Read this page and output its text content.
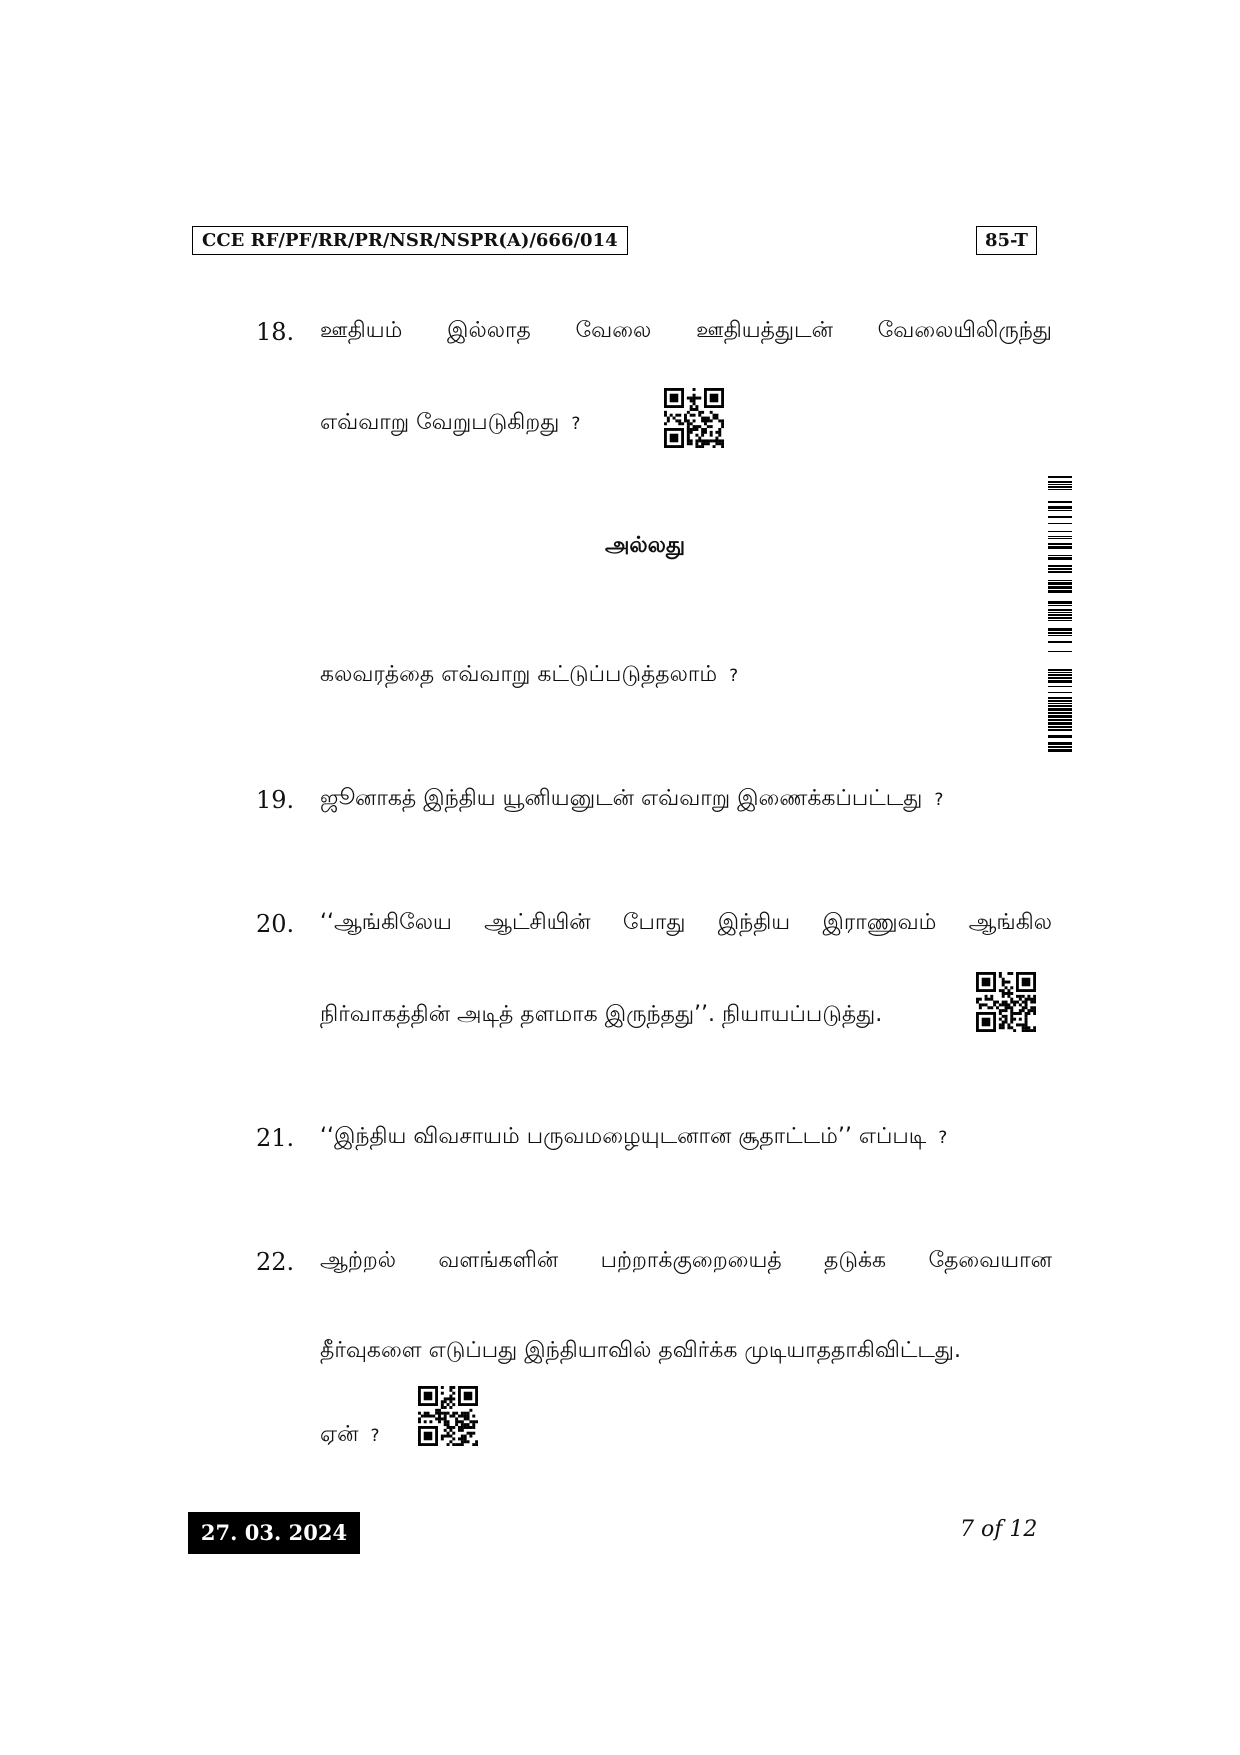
CCE RF/PF/RR/PR/NSR/NSPR(A)/666/014	85-T
18. ஊதியம் இல்லாத வேலை ஊதியத்துடன் வேலையிலிருந்து
எவ்வாறு வேறுபடுகிறது ?
அல்லது
கலவரத்தை எவ்வாறு கட்டுப்படுத்தலாம் ?
19. ஜூனாகத் இந்திய யூனியனுடன் எவ்வாறு இணைக்கப்பட்டது ?
20. ‘‘ஆங்கிலேய ஆட்சியின் போது இந்திய இராணுவம் ஆங்கில
நிர்வாகத்தின் அடித் தளமாக இருந்தது’’. நியாயப்படுத்து.
21. ‘‘இந்திய விவசாயம் பருவமழையுடனான சூதாட்டம்’’ எப்படி ?
22. ஆற்றல் வளங்களின் பற்றாக்குறையைத் தடுக்க தேவையான
தீர்வுகளை எடுப்பது இந்தியாவில் தவிர்க்க முடியாததாகிவிட்டது.
ஏன் ?
27. 03. 2024	7 of 12
